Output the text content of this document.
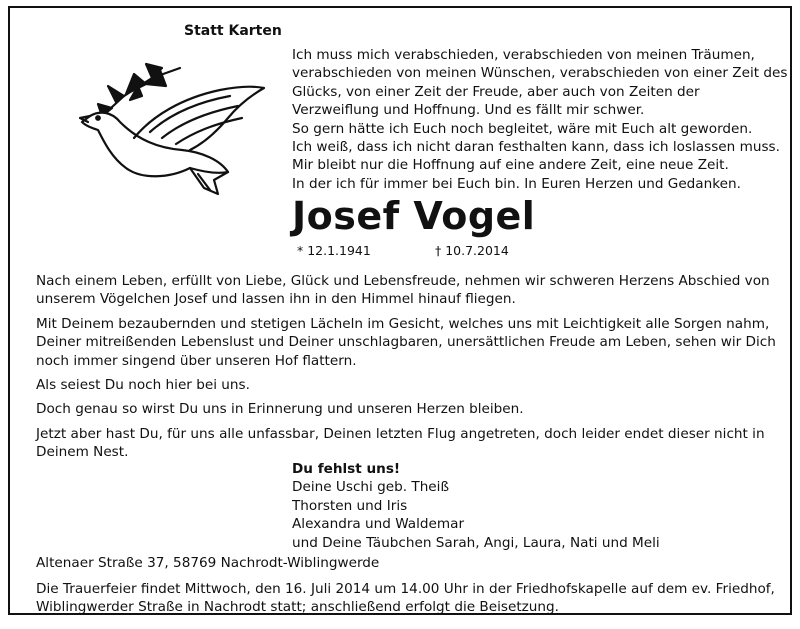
Statt Karten
Ich muss mich verabschieden, verabschieden von meinen Träumen,
verabschieden von meinen Wünschen, verabschieden von einer Zeit des
Glücks, von einer Zeit der Freude, aber auch von Zeiten der
Verzweiflung und Hoffnung. Und es fällt mir schwer.
So gern hätte ich Euch noch begleitet, wäre mit Euch alt geworden.
Ich weiß, dass ich nicht daran festhalten kann, dass ich loslassen muss.
Mir bleibt nur die Hoffnung auf eine andere Zeit, eine neue Zeit.
In der ich für immer bei Euch bin. In Euren Herzen und Gedanken.
Josef Vogel
* 12.1.1941	† 10.7.2014

Nach einem Leben, erfüllt von Liebe, Glück und Lebensfreude, nehmen wir schweren Herzens Abschied von unserem Vögelchen Josef und lassen ihn in den Himmel hinauf fliegen.

Mit Deinem bezaubernden und stetigen Lächeln im Gesicht, welches uns mit Leichtigkeit alle Sorgen nahm, Deiner mitreißenden Lebenslust und Deiner unschlagbaren, unersättlichen Freude am Leben, sehen wir Dich noch immer singend über unseren Hof flattern.

Als seiest Du noch hier bei uns.

Doch genau so wirst Du uns in Erinnerung und unseren Herzen bleiben.

Jetzt aber hast Du, für uns alle unfassbar, Deinen letzten Flug angetreten, doch leider endet dieser nicht in Deinem Nest.

Du fehlst uns!
Deine Uschi geb. Theiß
Thorsten und Iris
Alexandra und Waldemar
und Deine Täubchen Sarah, Angi, Laura, Nati und Meli
Altenaer Straße 37, 58769 Nachrodt-Wiblingwerde
Die Trauerfeier findet Mittwoch, den 16. Juli 2014 um 14.00 Uhr in der Friedhofskapelle auf dem ev. Friedhof, Wiblingwerder Straße in Nachrodt statt; anschließend erfolgt die Beisetzung.
